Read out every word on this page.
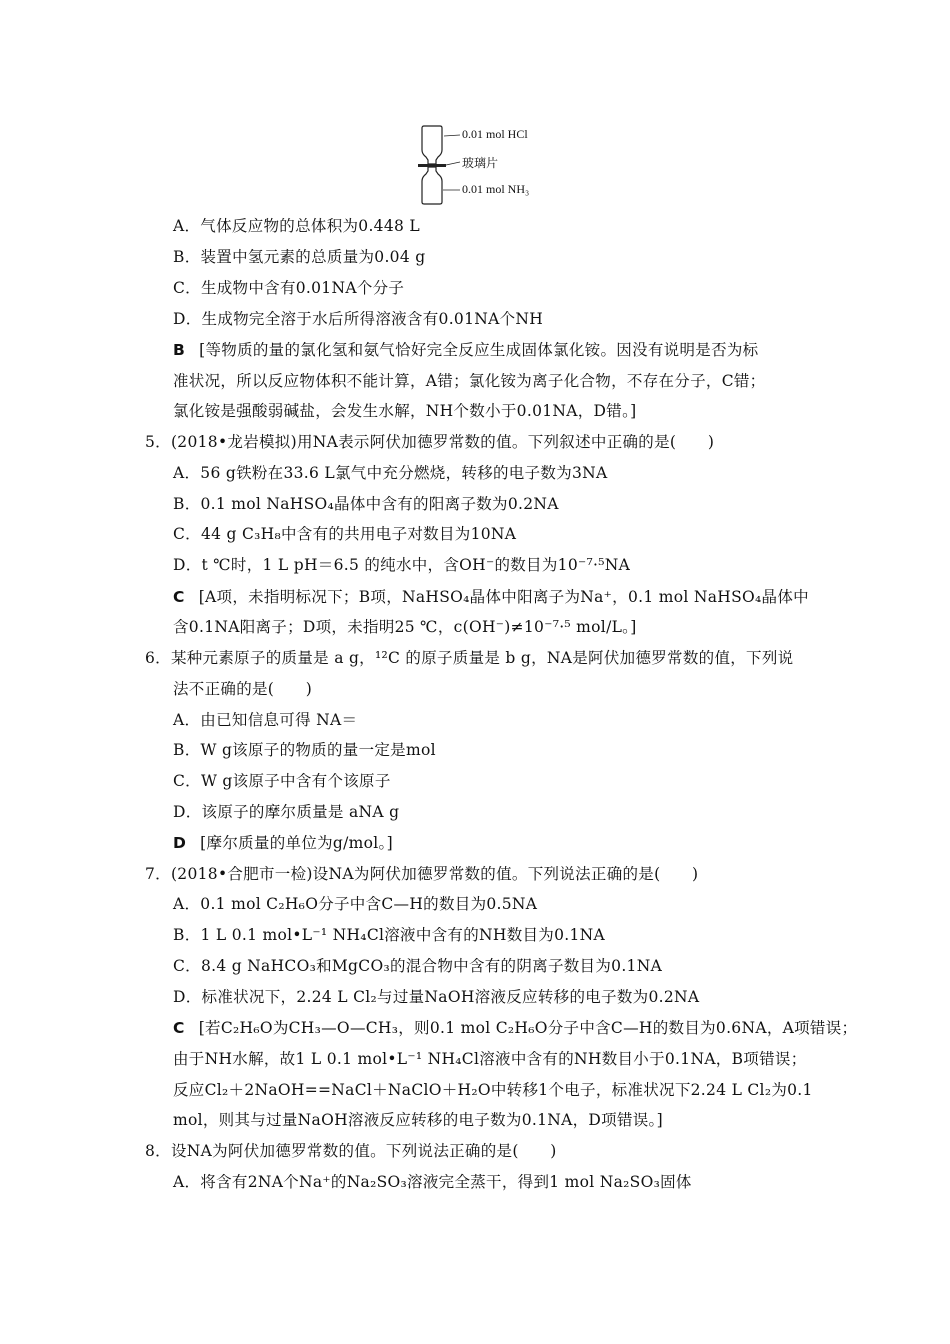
0.01 mol HCl
玻璃片
0.01 mol NH₃
A．气体反应物的总体积为0.448 L
B．装置中氢元素的总质量为0.04 g
C．生成物中含有0.01NA个分子
D．生成物完全溶于水后所得溶液含有0.01NA个NH
B [等物质的量的氯化氢和氨气恰好完全反应生成固体氯化铵。因没有说明是否为标
准状况，所以反应物体积不能计算，A错；氯化铵为离子化合物，不存在分子，C错；
氯化铵是强酸弱碱盐，会发生水解，NH个数小于0.01NA，D错。]
5．(2018•龙岩模拟)用NA表示阿伏加德罗常数的值。下列叙述中正确的是(　　)
A．56 g铁粉在33.6 L氯气中充分燃烧，转移的电子数为3NA
B．0.1 mol NaHSO₄晶体中含有的阳离子数为0.2NA
C．44 g C₃H₈中含有的共用电子对数目为10NA
D．t ℃时，1 L pH＝6.5 的纯水中，含OH⁻的数目为10⁻⁷·⁵NA
C [A项，未指明标况下；B项，NaHSO₄晶体中阳离子为Na⁺，0.1 mol NaHSO₄晶体中
含0.1NA阳离子；D项，未指明25 ℃，c(OH⁻)≠10⁻⁷·⁵ mol/L。]
6．某种元素原子的质量是 a g，¹²C 的原子质量是 b g，NA是阿伏加德罗常数的值，下列说
法不正确的是(　　)
A．由已知信息可得 NA＝
B．W g该原子的物质的量一定是mol
C．W g该原子中含有个该原子
D．该原子的摩尔质量是 aNA g
D [摩尔质量的单位为g/mol。]
7．(2018•合肥市一检)设NA为阿伏加德罗常数的值。下列说法正确的是(　　)
A．0.1 mol C₂H₆O分子中含C—H的数目为0.5NA
B．1 L 0.1 mol•L⁻¹ NH₄Cl溶液中含有的NH数目为0.1NA
C．8.4 g NaHCO₃和MgCO₃的混合物中含有的阴离子数目为0.1NA
D．标准状况下，2.24 L Cl₂与过量NaOH溶液反应转移的电子数为0.2NA
C [若C₂H₆O为CH₃—O—CH₃，则0.1 mol C₂H₆O分子中含C—H的数目为0.6NA，A项错误；
由于NH水解，故1 L 0.1 mol•L⁻¹ NH₄Cl溶液中含有的NH数目小于0.1NA，B项错误；
反应Cl₂＋2NaOH==NaCl＋NaClO＋H₂O中转移1个电子，标准状况下2.24 L Cl₂为0.1
mol，则其与过量NaOH溶液反应转移的电子数为0.1NA，D项错误。]
8．设NA为阿伏加德罗常数的值。下列说法正确的是(　　)
A．将含有2NA个Na⁺的Na₂SO₃溶液完全蒸干，得到1 mol Na₂SO₃固体
